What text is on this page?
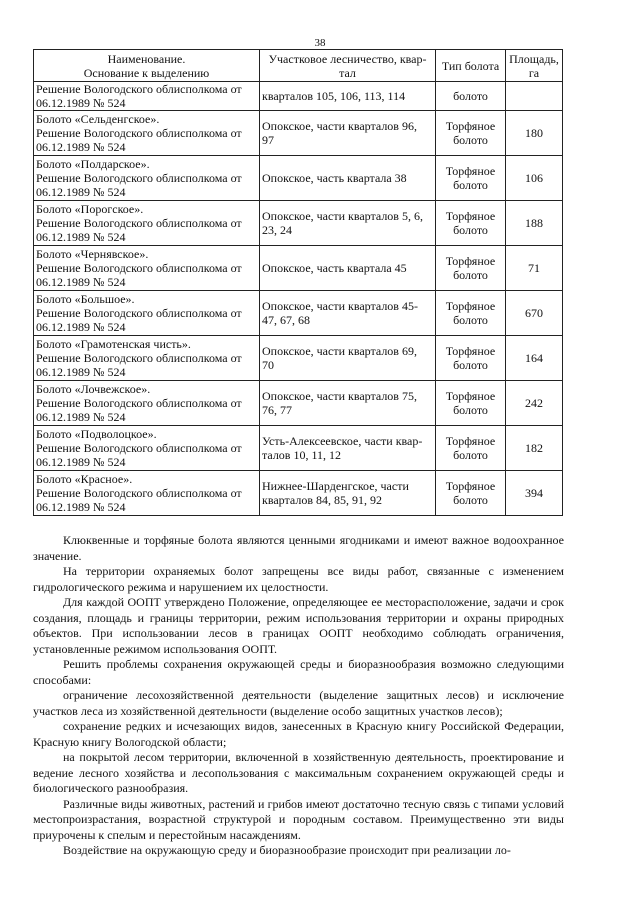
38
Наименование.
Основание к выделению	Участковое лесничество, квар-
тал	Тип болота	Площадь,
га

Решение Вологодского облисполкома от
06.12.1989 № 524	кварталов 105, 106, 113, 114	болото	

Болото «Сельденгское».
Решение Вологодского облисполкома от
06.12.1989 № 524	Опокское, части кварталов 96,
97	Торфяное
болото	180

Болото «Полдарское».
Решение Вологодского облисполкома от
06.12.1989 № 524	Опокское, часть квартала 38	Торфяное
болото	106

Болото «Порогское».
Решение Вологодского облисполкома от
06.12.1989 № 524	Опокское, части кварталов 5, 6,
23, 24	Торфяное
болото	188

Болото «Чернявское».
Решение Вологодского облисполкома от
06.12.1989 № 524	Опокское, часть квартала 45	Торфяное
болото	71

Болото «Большое».
Решение Вологодского облисполкома от
06.12.1989 № 524	Опокское, части кварталов 45-
47, 67, 68	Торфяное
болото	670

Болото «Грамотенская чисть».
Решение Вологодского облисполкома от
06.12.1989 № 524	Опокское, части кварталов 69,
70	Торфяное
болото	164

Болото «Лочвежское».
Решение Вологодского облисполкома от
06.12.1989 № 524	Опокское, части кварталов 75,
76, 77	Торфяное
болото	242

Болото «Подволоцкое».
Решение Вологодского облисполкома от
06.12.1989 № 524	Усть-Алексеевское, части квар-
талов 10, 11, 12	Торфяное
болото	182

Болото «Красное».
Решение Вологодского облисполкома от
06.12.1989 № 524	Нижнее-Шарденгское, части
кварталов 84, 85, 91, 92	Торфяное
болото	394

Клюквенные и торфяные болота являются ценными ягодниками и имеют важное водоохранное значение.

На территории охраняемых болот запрещены все виды работ, связанные с изменением гидрологического режима и нарушением их целостности.

Для каждой ООПТ утверждено Положение, определяющее ее месторасположение, задачи и срок создания, площадь и границы территории, режим использования территории и охраны природных объектов. При использовании лесов в границах ООПТ необходимо соблюдать ограничения, установленные режимом использования ООПТ.

Решить проблемы сохранения окружающей среды и биоразнообразия возможно следующими способами:

ограничение лесохозяйственной деятельности (выделение защитных лесов) и исключение участков леса из хозяйственной деятельности (выделение особо защитных участков лесов);

сохранение редких и исчезающих видов, занесенных в Красную книгу Российской Федерации, Красную книгу Вологодской области;

на покрытой лесом территории, включенной в хозяйственную деятельность, проектирование и ведение лесного хозяйства и лесопользования с максимальным сохранением окружающей среды и биологического разнообразия.

Различные виды животных, растений и грибов имеют достаточно тесную связь с типами условий местопроизрастания, возрастной структурой и породным составом. Преимущественно эти виды приурочены к спелым и перестойным насаждениям.

Воздействие на окружающую среду и биоразнообразие происходит при реализации ло-
